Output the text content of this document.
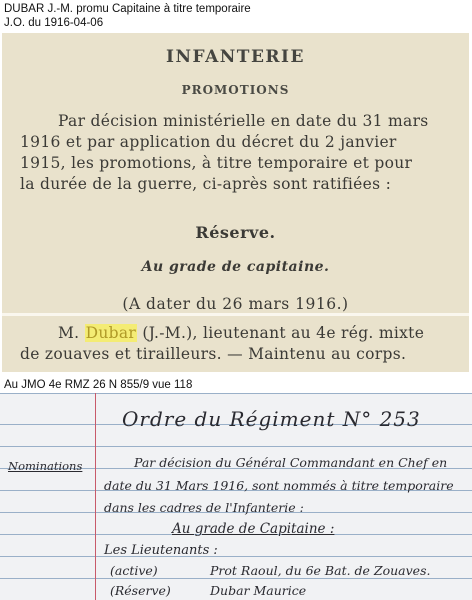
DUBAR J.-M. promu Capitaine à titre temporaire
J.O. du 1916-04-06
INFANTERIE
PROMOTIONS
Par décision ministérielle en date du 31 mars
1916 et par application du décret du 2 janvier
1915, les promotions, à titre temporaire et pour
la durée de la guerre, ci-après sont ratifiées :
Réserve.
Au grade de capitaine.
(A dater du 26 mars 1916.)
M. Dubar (J.-M.), lieutenant au 4e rég. mixte
de zouaves et tirailleurs. — Maintenu au corps.
Au JMO 4e RMZ 26 N 855/9 vue 118
Ordre du Régiment N° 253
Nominations	Par décision du Général Commandant en Chef en
date du 31 Mars 1916, sont nommés à titre temporaire
dans les cadres de l'Infanterie :
Au grade de Capitaine :
Les Lieutenants :
(active)	Prot Raoul, du 6e Bat. de Zouaves.
(Réserve)	Dubar Maurice
